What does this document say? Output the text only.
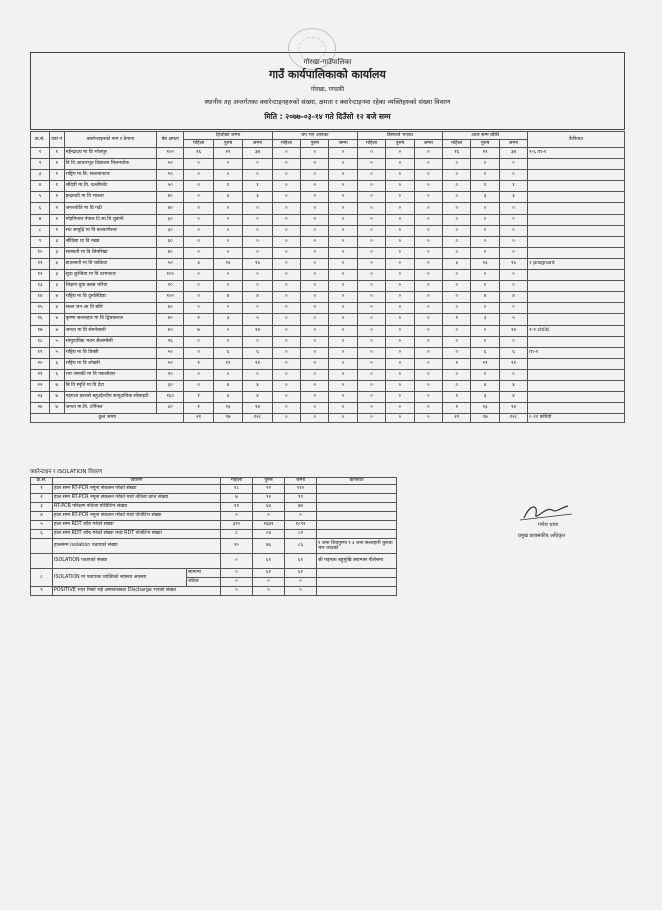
गोरखा-गाउँपालिका
गाउँ कार्यपालिकाको कार्यालय
गोरखा, गण्डकी
स्थानीय तह अन्तर्गतका क्वारेन्टाइनहरुको संख्या, क्षमता र क्वारेन्टाइनमा रहेका व्यक्तिहरुको संख्या विवरण
मिति : २०७७-०३-१४ गते दिउँसो १२ बजे सम्म
क्र.सं.	वडा नं	क्वारेन्टाइनको नाम र ठेगाना	बेड क्षमता	हिजोको जम्मा			थप भए आएका			डिस्चार्ज भएका			आज सम्म बाँकी			कैफियत
				महिला	पुरुष	जम्मा	महिला	पुरुष	जम्मा	महिला	पुरुष	जम्मा	महिला	पुरुष	जम्मा	
१	१	महेन्द्रादय मा वि भोजपुर	१००	१६	२१	३७	०	०	०	०	०	०	१६	२१	३७	२-६ m-१
२	१	वि वि आधारभूत विद्यालय मिलनचोक	५०	०	०	०	०	०	०	०	०	०	०	०	०	
३	१	राष्ट्रिय मा.वि. सल्ल्यानटार	५०	०	०	०	०	०	०	०	०	०	०	०	०	
४	१	श्रीदेवी मा.वि. दल्लीफाँट	५०	०	१	१	०	०	०	०	०	०	०	१	१	
५	२	इन्द्रावती मा वि भाल्ला	४०	०	३	३	०	०	०	०	०	०	०	३	३	
६	२	जनज्योति मा वि गढी	४०	०	०	०	०	०	०	०	०	०	०	०	०	
७	२	मोहनिनाथ नेपाल टि.सा.वि चुवानी	६०	०	०	०	०	०	०	०	०	०	०	०	०	
८	२	सत सायुद्रि मा वि कल्याणेश्वर	३०	०	०	०	०	०	०	०	०	०	०	०	०	
९	३	श्रीविद्या प्रा वि रखड	६०	०	०	०	०	०	०	०	०	०	०	०	०	
१०	३	सरस्वती मा वि सिमरिखा	४०	०	०	०	०	०	०	०	०	०	०	०	०	
११	३	डाउरसती मा वि चाक्रिधा	५०	३	१३	१६	०	०	०	०	०	०	३	१३	१६	१ pregnant
१२	३	सुदा कुन्डिया मा वि दरमनटार	१००	०	०	०	०	०	०	०	०	०	०	०	०	
१३	३	शिक्षण युवा क्लब भरिया	१०	०	०	०	०	०	०	०	०	०	०	०	०	
१४	४	राष्ट्रिय मा वि दुमलिडिडा	१००	०	४	४	०	०	०	०	०	०	०	४	४	
१५	४	सल्ल जन आ वि बाँसे	४०	०	०	०	०	०	०	०	०	०	०	०	०	
१६	४	कृष्णा सल्लाहार मा वि द्विचकराज	४०	२	३	५	०	०	०	०	०	०	२	३	५	
१७	४	जनता मा वि सेमनेबस्ती	४०	७	०	१४	०	०	०	०	०	०	०	०	१४	२-१ child
१८	५	सामुदायिक भवन सैलाम्बेसी	२६	०	०	०	०	०	०	०	०	०	०	०	०	
१९	५	राष्ट्रिय मा वि डिच्छी	५०	०	६	६	०	०	०	०	०	०	०	६	६	m-१
२०	६	राष्ट्रिय मा वि लोखरी	५०	१	११	११	०	०	०	०	०	०	१	११	११	
२१	६	राम जानकी मा वि पकलीयार	२०	०	०	०	०	०	०	०	०	०	०	०	०	
२२	७	बि वि स्मृति मा वि दैटा	३०	०	४	४	०	०	०	०	०	०	०	४	४	
२३	७	गड्गला कालसे बहुउद्देश्यीय सामुदायिक सोसाइटी	१६०	१	३	४	०	०	०	०	०	०	१	३	४	
२४	७	जनता मा.वि. टर्मिनल	३०	१	१३	१४	०	०	०	०	०	०	१	१३	१४	
कुल जम्मा				२१	९७	१२८	०	०	०	०	०	०	२१	९७	१२८	० २१ कपियो
क्वारेन्टाइन र ISOLATION विवरण
क्र.सं.	विवरण		महिला	पुरुष	जम्मा	कैफियत
१	हाल सम्म RT-PCR नमूना संकलन गरेको संख्या		१८	९२	११०	
२	हाल सम्म RT-PCR नमूना संकलन गरेको मध्ये नतिजा प्राप्त संख्या		७	९२	९९	
३	RT-PCR परिक्षण नतिजा पोजिटिभ संख्या		११	६४	७४	
४	हाल सम्म RT-PCR नमूना संकलन गरेको मध्ये पोजेटिभ संख्या		०	०	०	
५	हाल सम्म RDT जाँच गरेको संख्या		३२०	१६७१	१८९२	
६	हाल सम्म RDT जाँच गरेको संख्या मध्ये RDT पोजेटिभ संख्या		८	०४	८२	
	हालसम्म isolation पठाएको संख्या		१०	७६	८६	१ जना शिवपुरमा र ३ जना सल्लहारी कुरुवा भार जाउको
	ISOLATION पठाएको संख्या		०	६१	६१	श्री गड्गला बहुमुखि क्याम्पस पीलेसमा
८	ISOLATION मा पठाएका व्यक्तिको स्वास्थ्य अवस्था	सामान्य	०	६१	६१	
		जटिल	०	०	०	
९	POSITIVE भएर निको भई अस्पतालबाट Discharge भएको संख्या		०	०	०	
गणेश थापा
प्रमुख प्रशासकीय अधिकृत
